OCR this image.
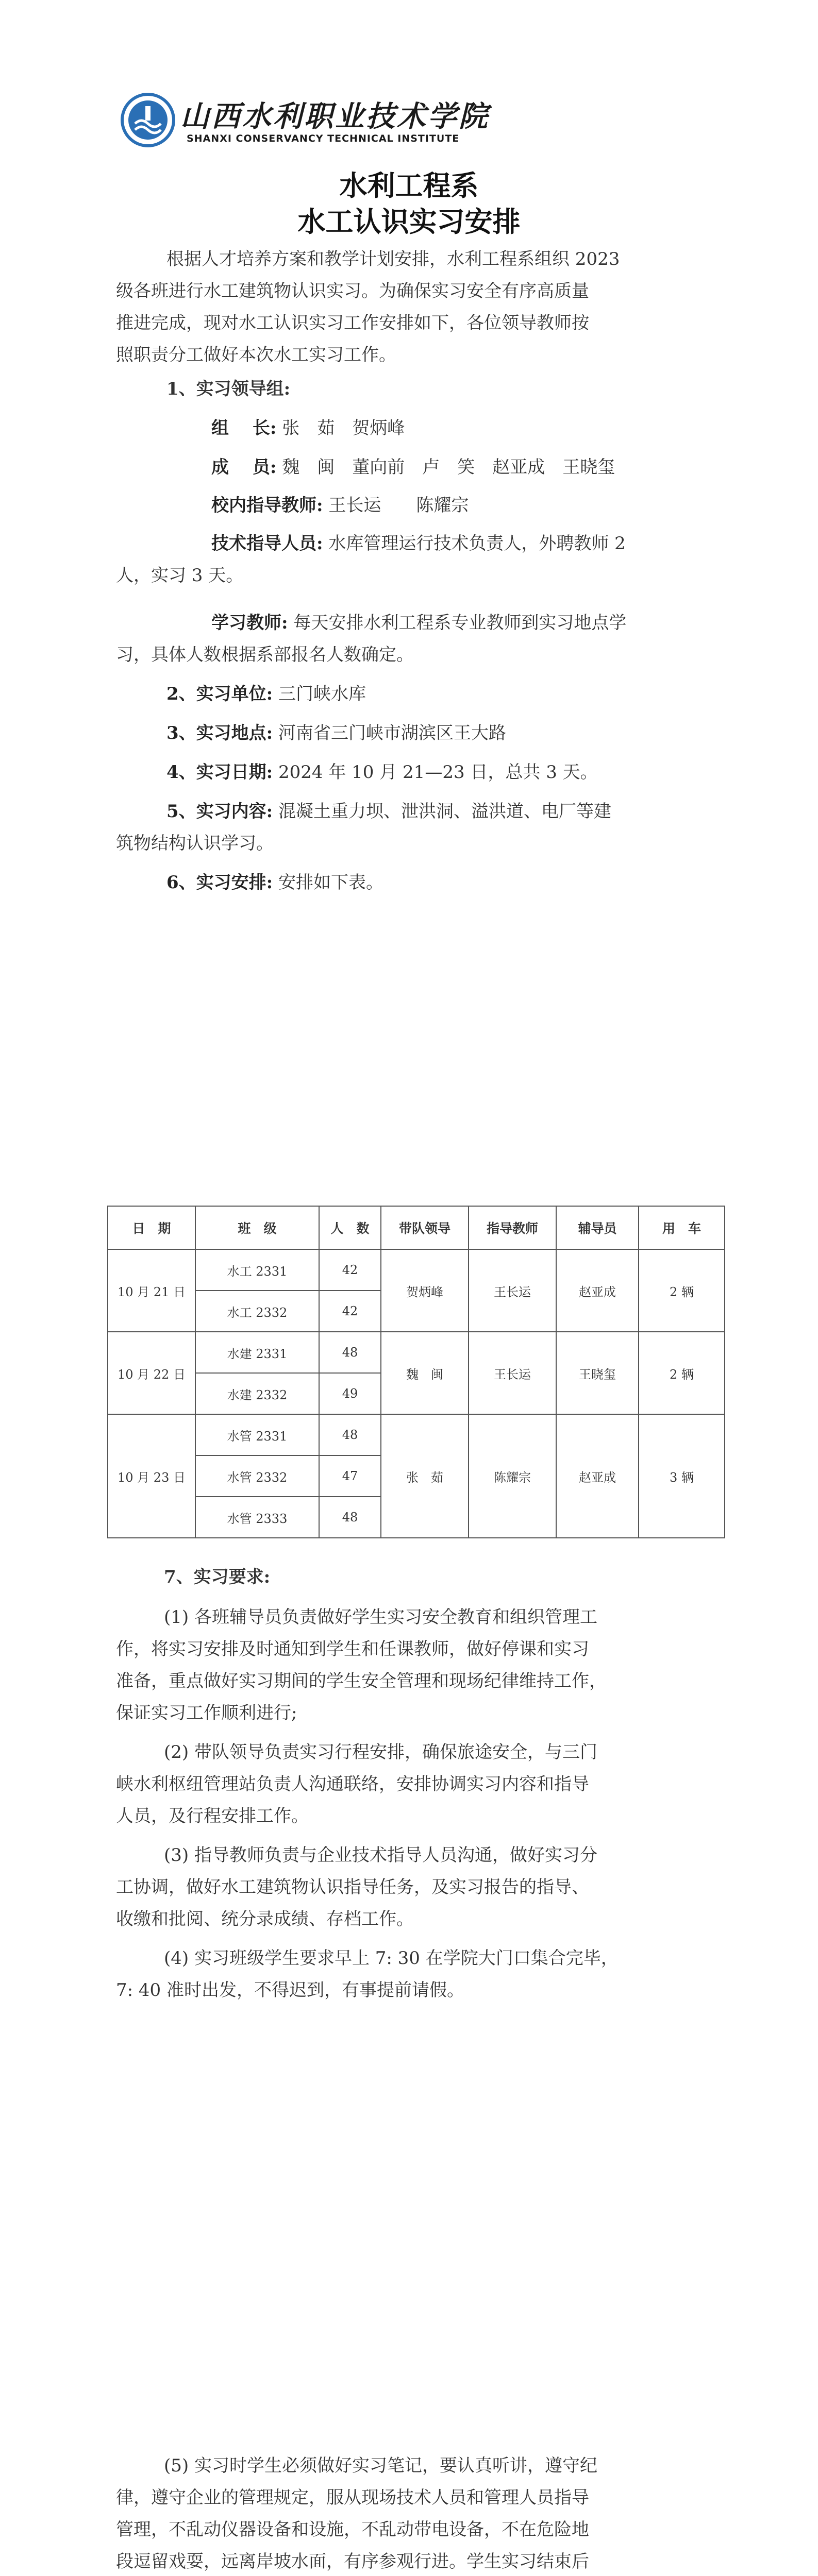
山西水利职业技术学院
SHANXI CONSERVANCY TECHNICAL INSTITUTE
水利工程系
水工认识实习安排
根据人才培养方案和教学计划安排，水利工程系组织 2023
级各班进行水工建筑物认识实习。为确保实习安全有序高质量
推进完成，现对水工认识实习工作安排如下，各位领导教师按
照职责分工做好本次水工实习工作。
1、实习领导组:
组　 长: 张　茹　贺炳峰
成　 员: 魏　闽　董向前　卢　笑　赵亚成　王晓玺
校内指导教师: 王长运　　陈耀宗
技术指导人员: 水库管理运行技术负责人，外聘教师 2
人，实习 3 天。
学习教师: 每天安排水利工程系专业教师到实习地点学
习，具体人数根据系部报名人数确定。
2、实习单位: 三门峡水库
3、实习地点: 河南省三门峡市湖滨区王大路
4、实习日期: 2024 年 10 月 21—23 日，总共 3 天。
5、实习内容: 混凝土重力坝、泄洪洞、溢洪道、电厂等建
筑物结构认识学习。
6、实习安排: 安排如下表。
日　期	班　级	人　数	带队领导	指导教师	辅导员	用　车
10 月 21 日	水工 2331	42	贺炳峰	王长运	赵亚成	2 辆
	水工 2332	42				
10 月 22 日	水建 2331	48	魏　闽	王长运	王晓玺	2 辆
	水建 2332	49				
10 月 23 日	水管 2331	48	张　茹	陈耀宗	赵亚成	3 辆
	水管 2332	47				
	水管 2333	48				
7、实习要求:
(1) 各班辅导员负责做好学生实习安全教育和组织管理工
作，将实习安排及时通知到学生和任课教师，做好停课和实习
准备，重点做好实习期间的学生安全管理和现场纪律维持工作，
保证实习工作顺利进行;
(2) 带队领导负责实习行程安排，确保旅途安全，与三门
峡水利枢纽管理站负责人沟通联络，安排协调实习内容和指导
人员，及行程安排工作。
(3) 指导教师负责与企业技术指导人员沟通，做好实习分
工协调，做好水工建筑物认识指导任务，及实习报告的指导、
收缴和批阅、统分录成绩、存档工作。
(4) 实习班级学生要求早上 7: 30 在学院大门口集合完毕，
7: 40 准时出发，不得迟到，有事提前请假。
(5) 实习时学生必须做好实习笔记，要认真听讲，遵守纪
律，遵守企业的管理规定，服从现场技术人员和管理人员指导
管理，不乱动仪器设备和设施，不乱动带电设备，不在危险地
段逗留戏耍，远离岸坡水面，有序参观行进。学生实习结束后
